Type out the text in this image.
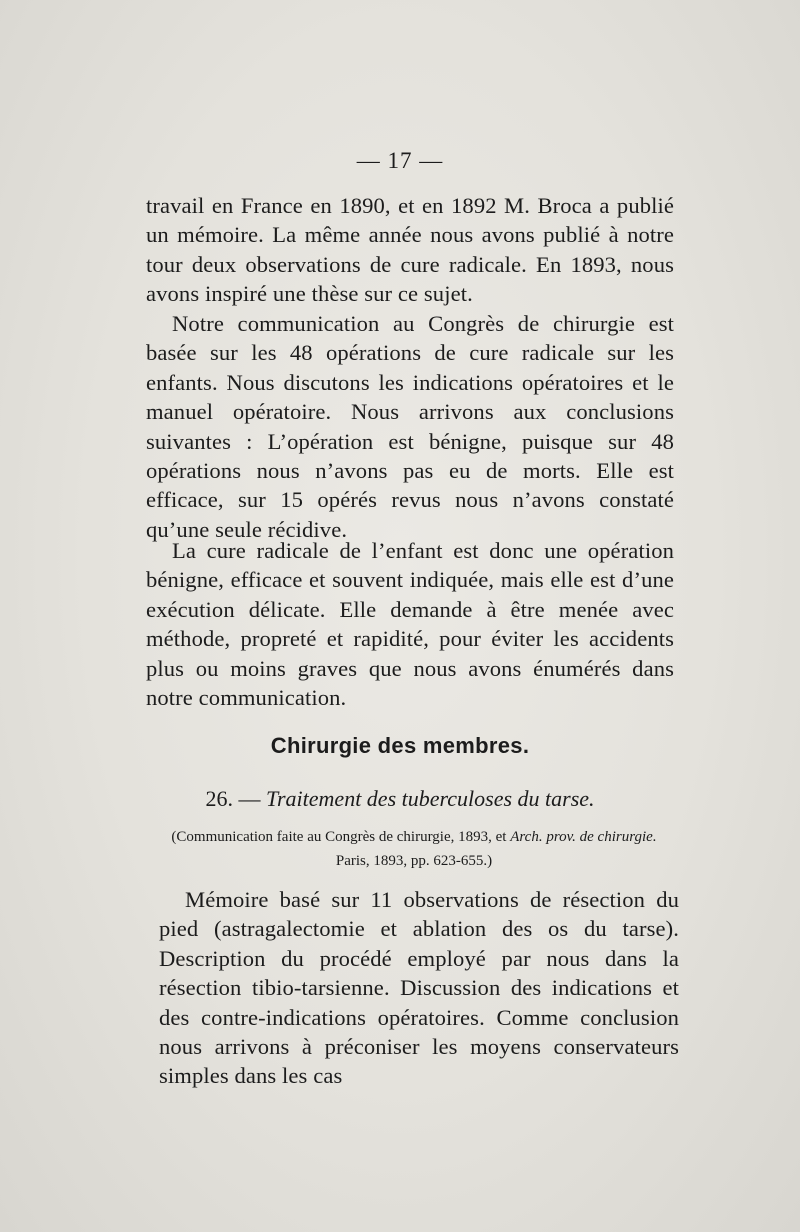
— 17 —

travail en France en 1890, et en 1892 M. Broca a publié un mémoire. La même année nous avons publié à notre tour deux observations de cure radicale. En 1893, nous avons inspiré une thèse sur ce sujet.

Notre communication au Congrès de chirurgie est basée sur les 48 opérations de cure radicale sur les enfants. Nous discutons les indications opératoires et le manuel opératoire. Nous arrivons aux conclusions suivantes : L’opération est bénigne, puisque sur 48 opérations nous n’avons pas eu de morts. Elle est efficace, sur 15 opérés revus nous n’avons constaté qu’une seule récidive.

La cure radicale de l’enfant est donc une opération bénigne, efficace et souvent indiquée, mais elle est d’une exécution délicate. Elle demande à être menée avec méthode, propreté et rapidité, pour éviter les accidents plus ou moins graves que nous avons énumérés dans notre communication.

Chirurgie des membres.
26. — Traitement des tuberculoses du tarse.
(Communication faite au Congrès de chirurgie, 1893, et Arch. prov. de chirurgie. Paris, 1893, pp. 623-655.)

Mémoire basé sur 11 observations de résection du pied (astragalectomie et ablation des os du tarse). Description du procédé employé par nous dans la résection tibio-tarsienne. Discussion des indications et des contre-indications opératoires. Comme conclusion nous arrivons à préconiser les moyens conservateurs simples dans les cas
